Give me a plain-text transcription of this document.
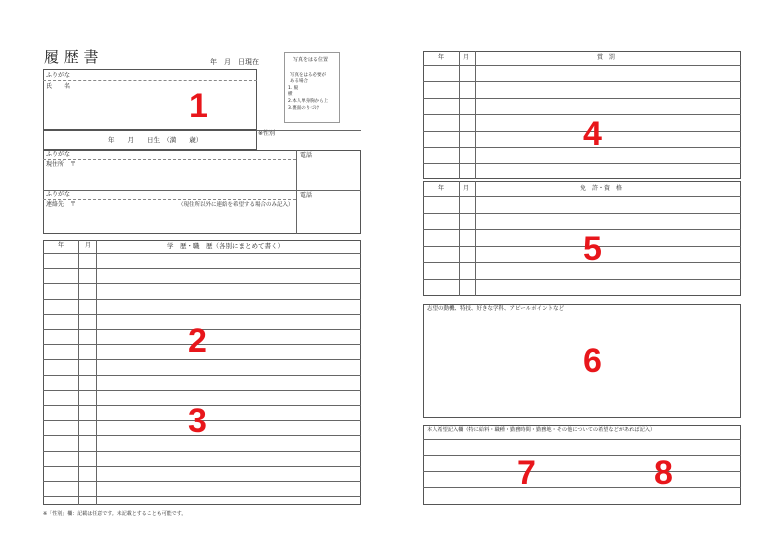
履 歴 書	年　月　日現在	写真をはる位置
写真をはる必要が
ある場合
1. 縦
横
2.本人単身胸から上
3.裏面のりづけ
ふりがな
氏　　名
年　　月　　日生　（満　　歳）
※性別
ふりがな
現住所　〒
電話
ふりがな
連絡先　〒	（現住所以外に連絡を希望する場合のみ記入）
電話
年	月	学　歴・職　歴（各別にまとめて書く）
年	月	賞　罰
年	月	免　許・資　格
志望の動機、特技、好きな学科、アピールポイントなど
本人希望記入欄（特に給料・職種・勤務時間・勤務地・その他についての希望などがあれば記入）
※「性別」欄：記載は任意です。未記載とすることも可能です。
1
2
3
4
5
6
7	8
